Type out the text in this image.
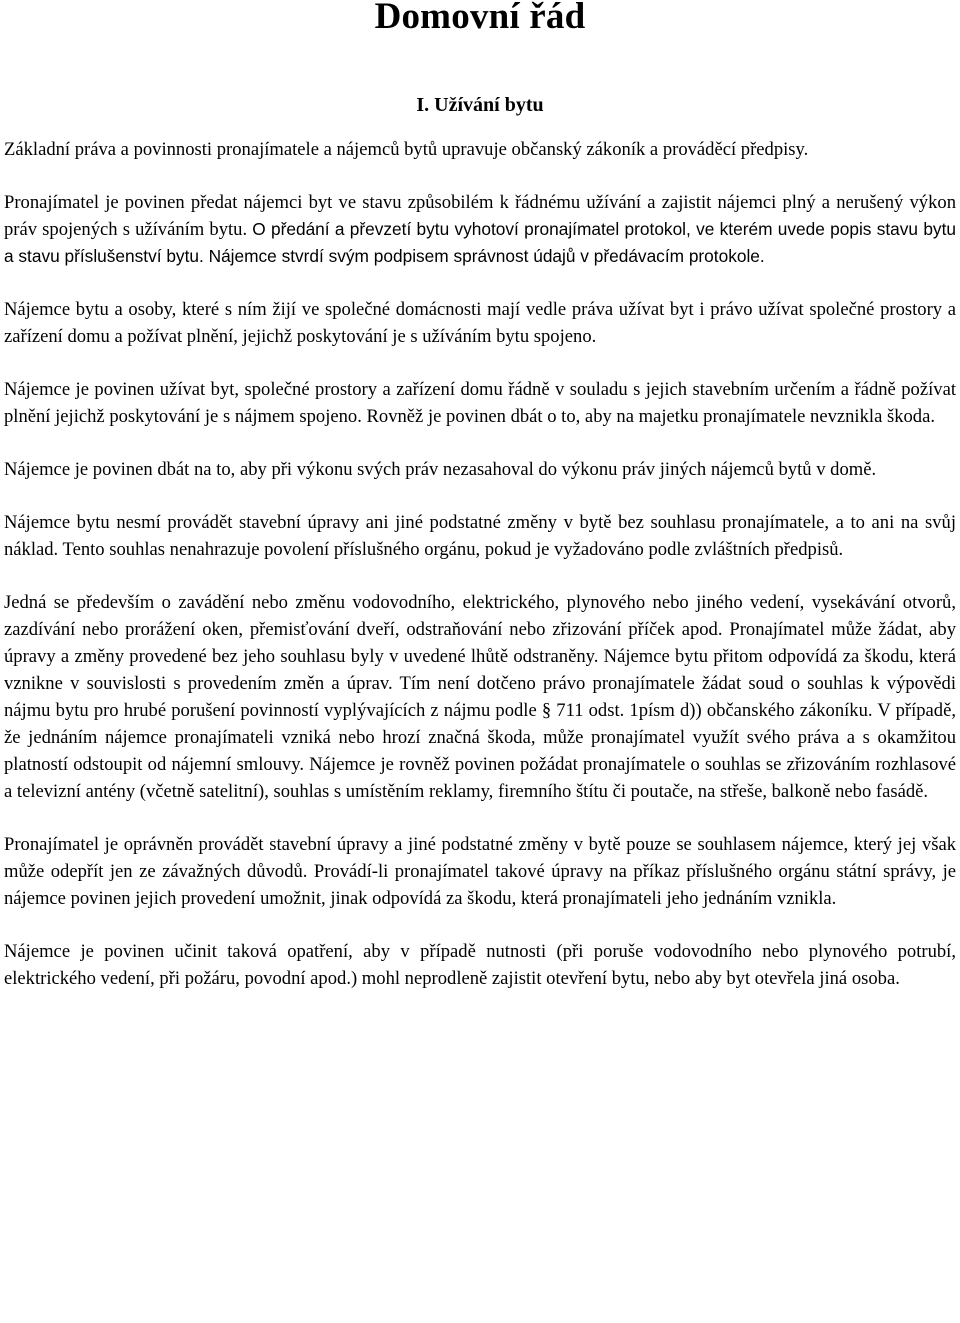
Domovní řád
I. Užívání bytu

Základní práva a povinnosti pronajímatele a nájemců bytů upravuje občanský zákoník a prováděcí předpisy.

Pronajímatel je povinen předat nájemci byt ve stavu způsobilém k řádnému užívání a zajistit nájemci plný a nerušený výkon práv spojených s užíváním bytu. O předání a převzetí bytu vyhotoví pronajímatel protokol, ve kterém uvede popis stavu bytu a stavu příslušenství bytu. Nájemce stvrdí svým podpisem správnost údajů v předávacím protokole.

Nájemce bytu a osoby, které s ním žijí ve společné domácnosti mají vedle práva užívat byt i právo užívat společné prostory a zařízení domu a požívat plnění, jejichž poskytování je s užíváním bytu spojeno.

Nájemce je povinen užívat byt, společné prostory a zařízení domu řádně v souladu s jejich stavebním určením a řádně požívat plnění jejichž poskytování je s nájmem spojeno. Rovněž je povinen dbát o to, aby na majetku pronajímatele nevznikla škoda.

Nájemce je povinen dbát na to, aby při výkonu svých práv nezasahoval do výkonu práv jiných nájemců bytů v domě.

Nájemce bytu nesmí provádět stavební úpravy ani jiné podstatné změny v bytě bez souhlasu pronajímatele, a to ani na svůj náklad. Tento souhlas nenahrazuje povolení příslušného orgánu, pokud je vyžadováno podle zvláštních předpisů.

Jedná se především o zavádění nebo změnu vodovodního, elektrického, plynového nebo jiného vedení, vysekávání otvorů, zazdívání nebo prorážení oken, přemisťování dveří, odstraňování nebo zřizování příček apod. Pronajímatel může žádat, aby úpravy a změny provedené bez jeho souhlasu byly v uvedené lhůtě odstraněny. Nájemce bytu přitom odpovídá za škodu, která vznikne v souvislosti s provedením změn a úprav. Tím není dotčeno právo pronajímatele žádat soud o souhlas k výpovědi nájmu bytu pro hrubé porušení povinností vyplývajících z nájmu podle § 711 odst. 1písm d)) občanského zákoníku. V případě, že jednáním nájemce pronajímateli vzniká nebo hrozí značná škoda, může pronajímatel využít svého práva a s okamžitou platností odstoupit od nájemní smlouvy. Nájemce je rovněž povinen požádat pronajímatele o souhlas se zřizováním rozhlasové a televizní antény (včetně satelitní), souhlas s umístěním reklamy, firemního štítu či poutače, na střeše, balkoně nebo fasádě.

Pronajímatel je oprávněn provádět stavební úpravy a jiné podstatné změny v bytě pouze se souhlasem nájemce, který jej však může odepřít jen ze závažných důvodů. Provádí-li pronajímatel takové úpravy na příkaz příslušného orgánu státní správy, je nájemce povinen jejich provedení umožnit, jinak odpovídá za škodu, která pronajímateli jeho jednáním vznikla.

Nájemce je povinen učinit taková opatření, aby v případě nutnosti (při poruše vodovodního nebo plynového potrubí, elektrického vedení, při požáru, povodní apod.) mohl neprodleně zajistit otevření bytu, nebo aby byt otevřela jiná osoba.
